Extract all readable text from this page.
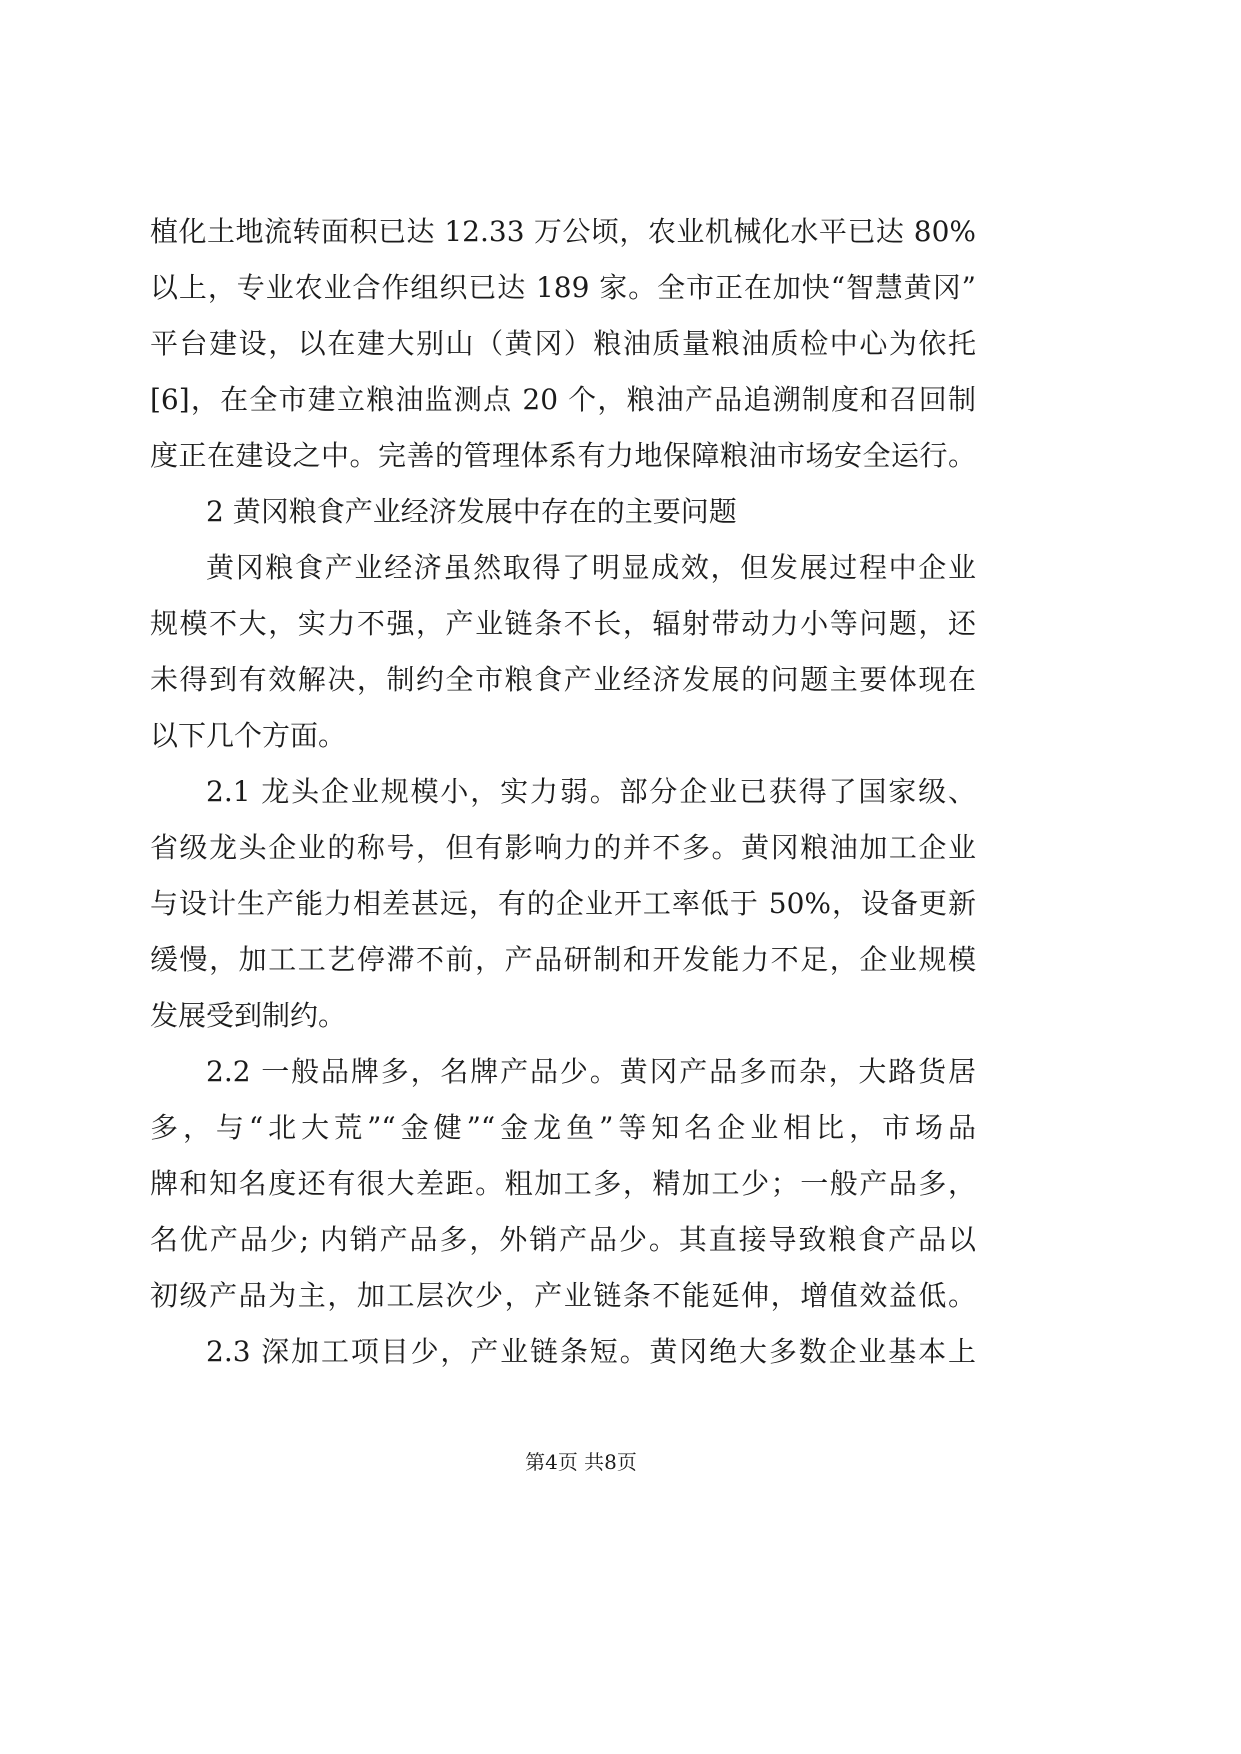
植化土地流转面积已达 12.33 万公顷，农业机械化水平已达 80%
以上，专业农业合作组织已达 189 家。全市正在加快“智慧黄冈”
平台建设，以在建大别山（黄冈）粮油质量粮油质检中心为依托
[6]，在全市建立粮油监测点 20 个，粮油产品追溯制度和召回制
度正在建设之中。完善的管理体系有力地保障粮油市场安全运行。
2 黄冈粮食产业经济发展中存在的主要问题
黄冈粮食产业经济虽然取得了明显成效，但发展过程中企业
规模不大，实力不强，产业链条不长，辐射带动力小等问题，还
未得到有效解决，制约全市粮食产业经济发展的问题主要体现在
以下几个方面。
2.1 龙头企业规模小，实力弱。部分企业已获得了国家级、
省级龙头企业的称号，但有影响力的并不多。黄冈粮油加工企业
与设计生产能力相差甚远，有的企业开工率低于 50%，设备更新
缓慢，加工工艺停滞不前，产品研制和开发能力不足，企业规模
发展受到制约。
2.2 一般品牌多，名牌产品少。黄冈产品多而杂，大路货居
多，与“北大荒”“金健”“金龙鱼”等知名企业相比，市场品
牌和知名度还有很大差距。粗加工多，精加工少；一般产品多，
名优产品少; 内销产品多，外销产品少。其直接导致粮食产品以
初级产品为主，加工层次少，产业链条不能延伸，增值效益低。
2.3 深加工项目少，产业链条短。黄冈绝大多数企业基本上
第4页 共8页
